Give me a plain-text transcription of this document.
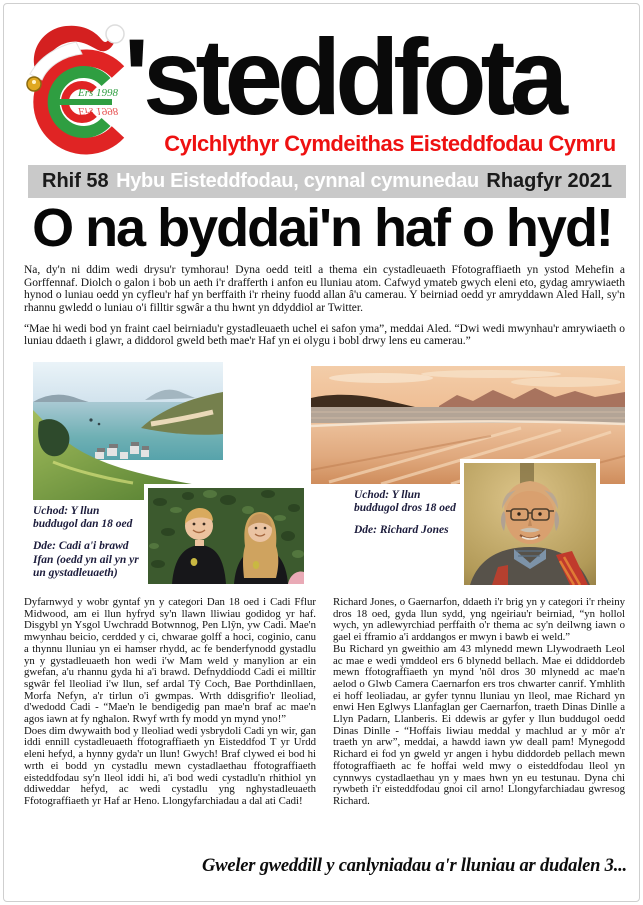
Ers 1998
Ers 1998 'steddfota
Cylchlythyr Cymdeithas Eisteddfodau Cymru
Rhif 58 Hybu Eisteddfodau, cynnal cymunedau Rhagfyr 2021
O na byddai'n haf o hyd!

Na, dy'n ni ddim wedi drysu'r tymhorau! Dyna oedd teitl a thema ein cystadleuaeth Ffotograffiaeth yn ystod Mehefin a Gorffennaf. Diolch o galon i bob un aeth i'r drafferth i anfon eu lluniau atom. Cafwyd ymateb gwych eleni eto, gydag amrywiaeth hynod o luniau oedd yn cyfleu'r haf yn berffaith i'r rheiny fuodd allan â'u camerau. Y beirniad oedd yr amryddawn Aled Hall, sy'n rhannu gwledd o luniau o'i filltir sgwâr a thu hwnt yn ddyddiol ar Twitter.

“Mae hi wedi bod yn fraint cael beirniadu'r gystadleuaeth uchel ei safon yma”, meddai Aled. “Dwi wedi mwynhau'r amrywiaeth o luniau ddaeth i glawr, a diddorol gweld beth mae'r Haf yn ei olygu i bobl drwy lens eu camerau.”

Uchod: Y llun buddugol dan 18 oed

Dde: Cadi a'i brawd Ifan (oedd yn ail yn yr un gystadleuaeth)

Uchod: Y llun buddugol dros 18 oed

Dde: Richard Jones

Dyfarnwyd y wobr gyntaf yn y categori Dan 18 oed i Cadi Fflur Midwood, am ei llun hyfryd sy'n llawn lliwiau godidog yr haf. Disgybl yn Ysgol Uwchradd Botwnnog, Pen Llŷn, yw Cadi. Mae'n mwynhau beicio, cerdded y ci, chwarae golff a hoci, coginio, canu a thynnu lluniau yn ei hamser rhydd, ac fe benderfynodd gystadlu yn y gystadleuaeth hon wedi i'w Mam weld y manylion ar ein gwefan, a'u rhannu gyda hi a'i brawd. Defnyddiodd Cadi ei milltir sgwâr fel lleoliad i'w llun, sef ardal Tŷ Coch, Bae Porthdinllaen, Morfa Nefyn, a'r tirlun o'i gwmpas. Wrth ddisgrifio'r lleoliad, d'wedodd Cadi - “Mae'n le bendigedig pan mae'n braf ac mae'n agos iawn at fy nghalon. Rwyf wrth fy modd yn mynd yno!”

Does dim dwywaith bod y lleoliad wedi ysbrydoli Cadi yn wir, gan iddi ennill cystadleuaeth ffotograffiaeth yn Eisteddfod T yr Urdd eleni hefyd, a hynny gyda'r un llun! Gwych! Braf clywed ei bod hi wrth ei bodd yn cystadlu mewn cystadlaethau ffotograffiaeth eisteddfodau sy'n lleol iddi hi, a'i bod wedi cystadlu'n rhithiol yn ddiweddar hefyd, ac wedi cystadlu yng nghystadleuaeth Ffotograffiaeth yr Haf ar Heno. Llongyfarchiadau a dal ati Cadi!

Richard Jones, o Gaernarfon, ddaeth i'r brig yn y categori i'r rheiny dros 18 oed, gyda llun sydd, yng ngeiriau'r beirniad, “yn hollol wych, yn adlewyrchiad perffaith o'r thema ac sy'n deilwng iawn o gael ei fframio a'i arddangos er mwyn i bawb ei weld.”

Bu Richard yn gweithio am 43 mlynedd mewn Llywodraeth Leol ac mae e wedi ymddeol ers 6 blynedd bellach. Mae ei ddiddordeb mewn ffotograffiaeth yn mynd 'nôl dros 30 mlynedd ac mae'n aelod o Glwb Camera Caernarfon ers tros chwarter canrif. Ymhlith ei hoff leoliadau, ar gyfer tynnu lluniau yn lleol, mae Richard yn enwi Hen Eglwys Llanfaglan ger Caernarfon, traeth Dinas Dinlle a Llyn Padarn, Llanberis. Ei ddewis ar gyfer y llun buddugol oedd Dinas Dinlle - “Hoffais liwiau meddal y machlud ar y môr a'r traeth yn arw”, meddai, a hawdd iawn yw deall pam! Mynegodd Richard ei fod yn gweld yr angen i hybu diddordeb pellach mewn ffotograffiaeth ac fe hoffai weld mwy o eisteddfodau lleol yn cynnwys cystadlaethau yn y maes hwn yn eu testunau. Dyna chi rywbeth i'r eisteddfodau gnoi cil arno! Llongyfarchiadau gwresog Richard.

Gweler gweddill y canlyniadau a'r lluniau ar dudalen 3...
